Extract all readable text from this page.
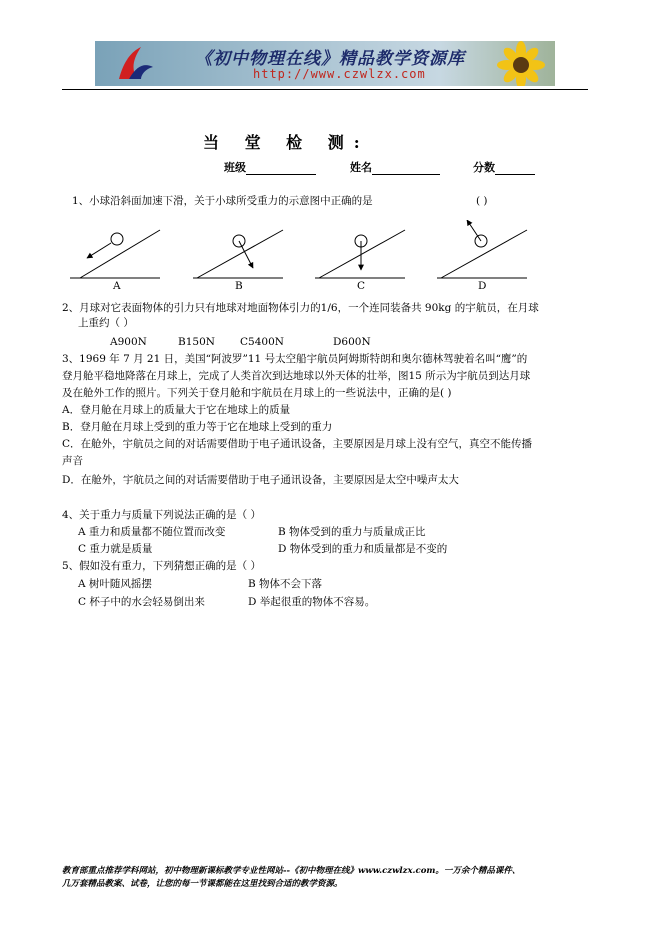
《初中物理在线》精品教学资源库
http://www.czwlzx.com
当 堂 检 测:
班级	姓名	分数
1、小球沿斜面加速下滑，关于小球所受重力的示意图中正确的是	( )
A	B	C	D
2、月球对它表面物体的引力只有地球对地面物体引力的1/6，一个连同装备共 90kg 的宇航员，在月球
上重约（ ）
A900N	B150N C5400N	D600N
3、1969 年 7 月 21 日，美国“阿波罗”11 号太空船宇航员阿姆斯特朗和奥尔德林驾驶着名叫“鹰”的
登月舱平稳地降落在月球上，完成了人类首次到达地球以外天体的壮举，图15 所示为宇航员到达月球
及在舱外工作的照片。下列关于登月舱和宇航员在月球上的一些说法中，正确的是( )
A．登月舱在月球上的质量大于它在地球上的质量
B．登月舱在月球上受到的重力等于它在地球上受到的重力
C．在舱外，宇航员之间的对话需要借助于电子通讯设备，主要原因是月球上没有空气，真空不能传播
声音
D．在舱外，宇航员之间的对话需要借助于电子通讯设备，主要原因是太空中噪声太大
4、关于重力与质量下列说法正确的是（ ）
A 重力和质量都不随位置而改变	B 物体受到的重力与质量成正比
C 重力就是质量	D 物体受到的重力和质量都是不变的
5、假如没有重力，下列猜想正确的是（ ）
A 树叶随风摇摆	B 物体不会下落
C 杯子中的水会轻易倒出来	D 举起很重的物体不容易。
教育部重点推荐学科网站，初中物理新课标教学专业性网站--《初中物理在线》www.czwlzx.com。一万余个精品课件、
几万套精品教案、试卷，让您的每一节课都能在这里找到合适的教学资源。
